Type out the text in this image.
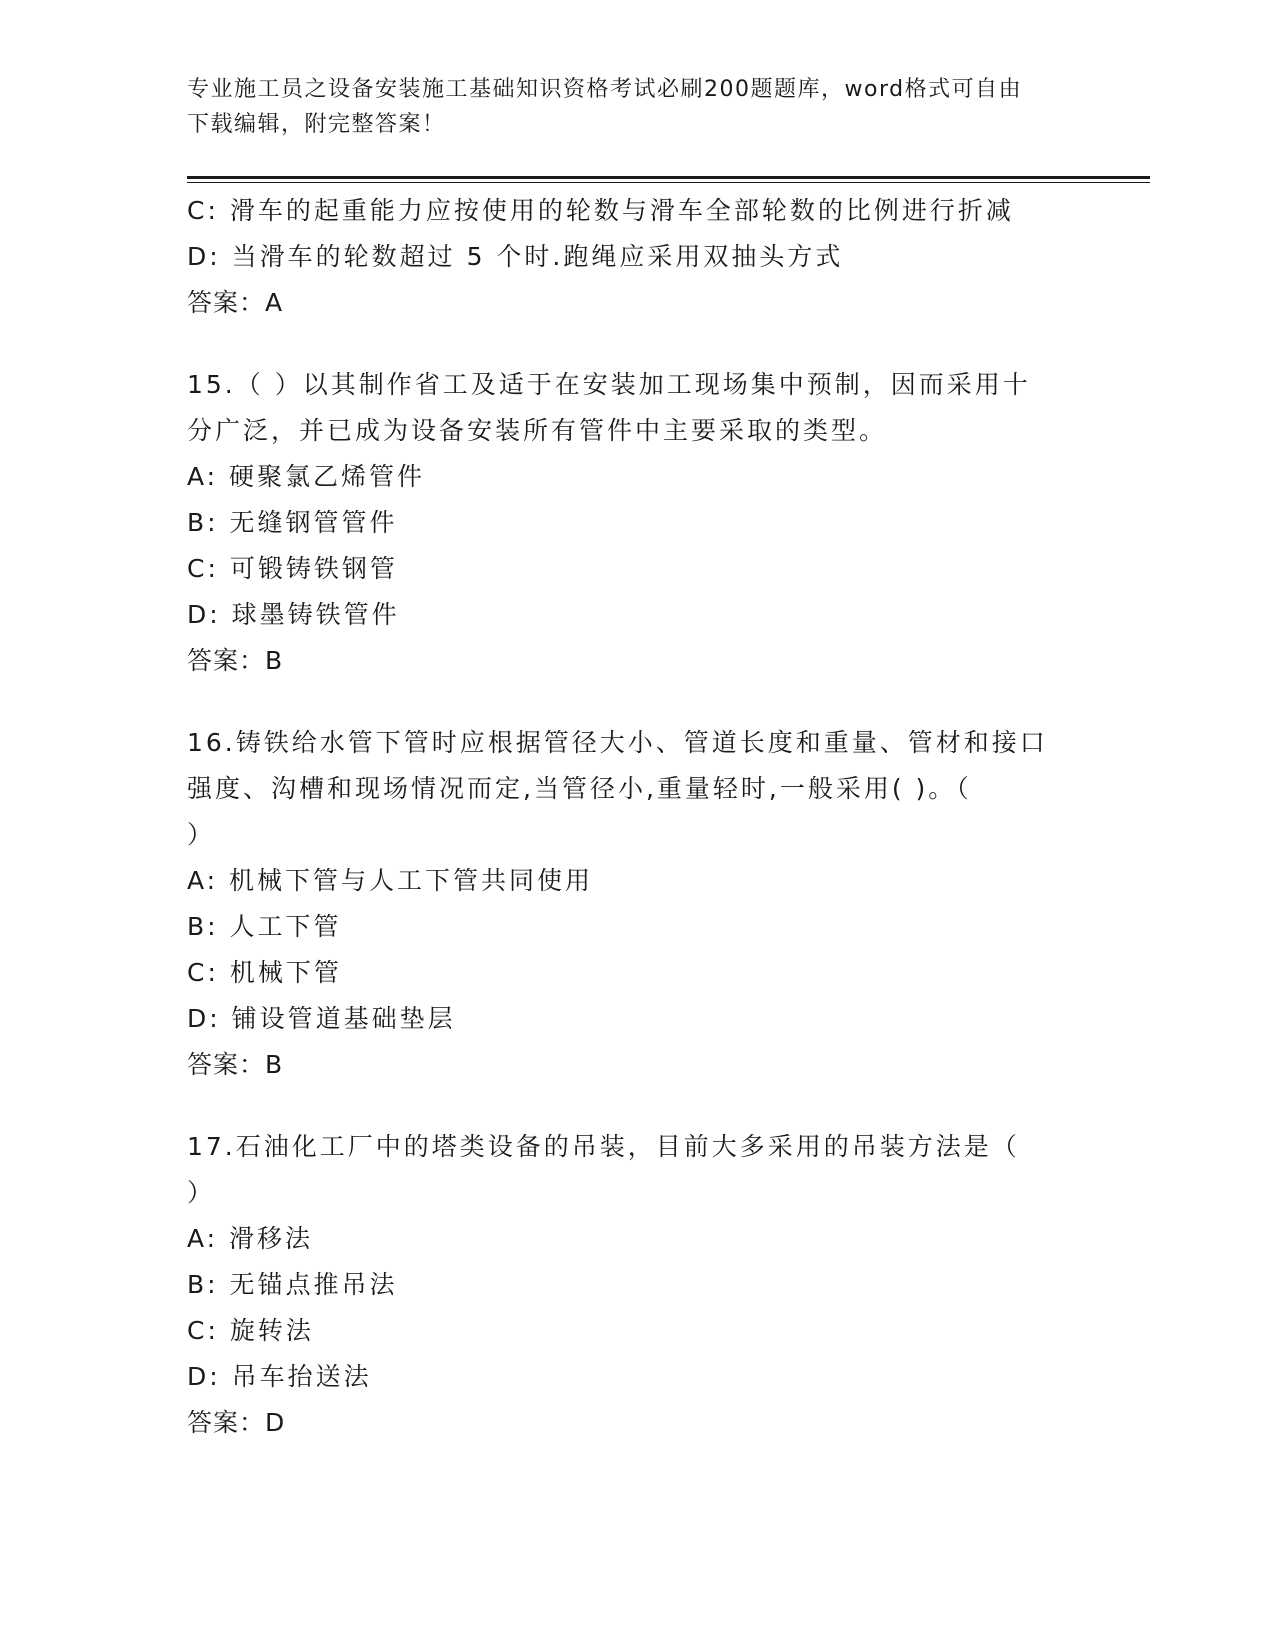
专业施工员之设备安装施工基础知识资格考试必刷200题题库，word格式可自由
下载编辑，附完整答案！
C: 滑车的起重能力应按使用的轮数与滑车全部轮数的比例进行折减
D: 当滑车的轮数超过 5 个时.跑绳应采用双抽头方式
答案：A
15.（ ）以其制作省工及适于在安装加工现场集中预制，因而采用十
分广泛，并已成为设备安装所有管件中主要采取的类型。
A: 硬聚氯乙烯管件
B: 无缝钢管管件
C: 可锻铸铁钢管
D: 球墨铸铁管件
答案：B
16.铸铁给水管下管时应根据管径大小、管道长度和重量、管材和接口
强度、沟槽和现场情况而定,当管径小,重量轻时,一般采用( )。（
）
A: 机械下管与人工下管共同使用
B: 人工下管
C: 机械下管
D: 铺设管道基础垫层
答案：B
17.石油化工厂中的塔类设备的吊装，目前大多采用的吊装方法是（
）
A: 滑移法
B: 无锚点推吊法
C: 旋转法
D: 吊车抬送法
答案：D
